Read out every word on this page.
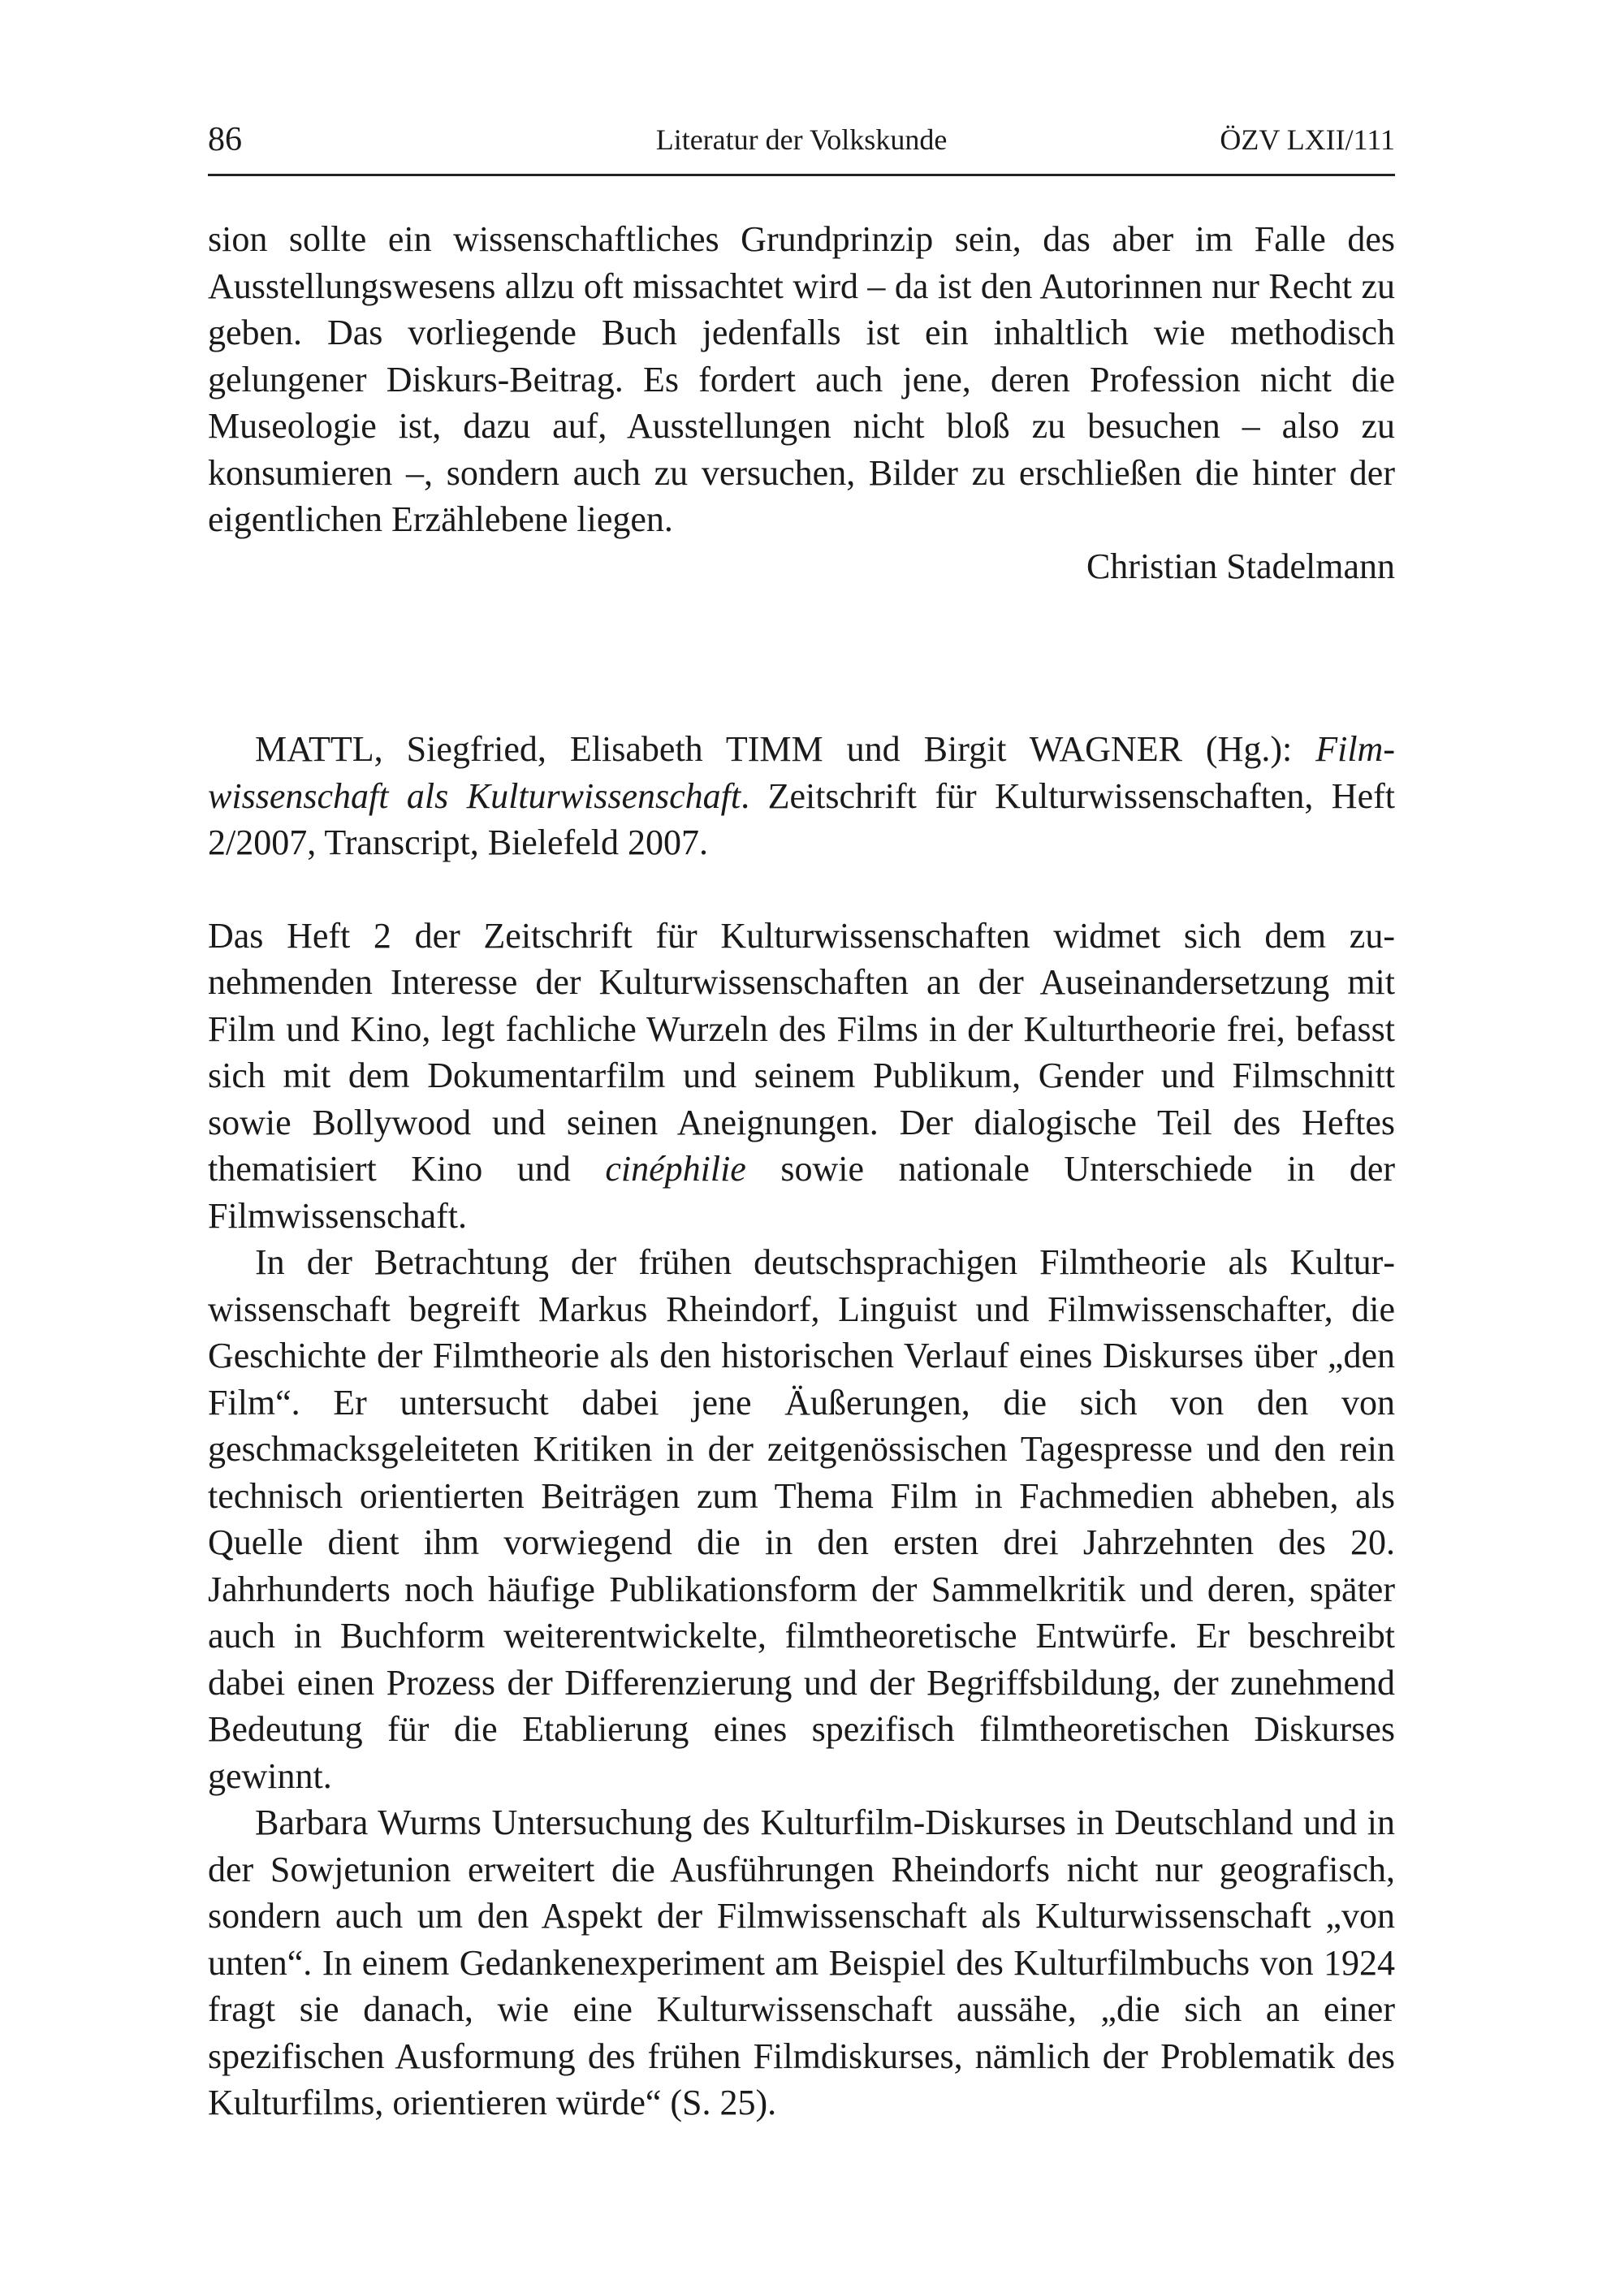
86	Literatur der Volkskunde	ÖZV LXII/111

sion sollte ein wissenschaftliches Grundprinzip sein, das aber im Falle des Ausstellungswesens allzu oft missachtet wird – da ist den Autorinnen nur Recht zu geben. Das vorliegende Buch jedenfalls ist ein inhaltlich wie methodisch gelungener Diskurs-Beitrag. Es fordert auch jene, deren Profession nicht die Museologie ist, dazu auf, Ausstellungen nicht bloß zu besuchen – also zu konsumieren –, sondern auch zu versuchen, Bilder zu erschließen die hinter der eigentlichen Erzählebene liegen.

Christian Stadelmann

MATTL, Siegfried, Elisabeth TIMM und Birgit WAGNER (Hg.): Filmwissenschaft als Kulturwissenschaft. Zeitschrift für Kulturwissenschaften, Heft 2/2007, Transcript, Bielefeld 2007.

Das Heft 2 der Zeitschrift für Kulturwissenschaften widmet sich dem zunehmenden Interesse der Kulturwissenschaften an der Auseinandersetzung mit Film und Kino, legt fachliche Wurzeln des Films in der Kulturtheorie frei, befasst sich mit dem Dokumentarfilm und seinem Publikum, Gender und Filmschnitt sowie Bollywood und seinen Aneignungen. Der dialogische Teil des Heftes thematisiert Kino und cinéphilie sowie nationale Unterschiede in der Filmwissenschaft.

In der Betrachtung der frühen deutschsprachigen Filmtheorie als Kulturwissenschaft begreift Markus Rheindorf, Linguist und Filmwissenschafter, die Geschichte der Filmtheorie als den historischen Verlauf eines Diskurses über „den Film“. Er untersucht dabei jene Äußerungen, die sich von den von geschmacksgeleiteten Kritiken in der zeitgenössischen Tagespresse und den rein technisch orientierten Beiträgen zum Thema Film in Fachmedien abheben, als Quelle dient ihm vorwiegend die in den ersten drei Jahrzehnten des 20. Jahrhunderts noch häufige Publikationsform der Sammelkritik und deren, später auch in Buchform weiterentwickelte, filmtheoretische Entwürfe. Er beschreibt dabei einen Prozess der Differenzierung und der Begriffsbildung, der zunehmend Bedeutung für die Etablierung eines spezifisch filmtheoretischen Diskurses gewinnt.

Barbara Wurms Untersuchung des Kulturfilm-Diskurses in Deutschland und in der Sowjetunion erweitert die Ausführungen Rheindorfs nicht nur geografisch, sondern auch um den Aspekt der Filmwissenschaft als Kulturwissenschaft „von unten“. In einem Gedankenexperiment am Beispiel des Kulturfilmbuchs von 1924 fragt sie danach, wie eine Kulturwissenschaft aussähe, „die sich an einer spezifischen Ausformung des frühen Filmdiskurses, nämlich der Problematik des Kulturfilms, orientieren würde“ (S. 25).
